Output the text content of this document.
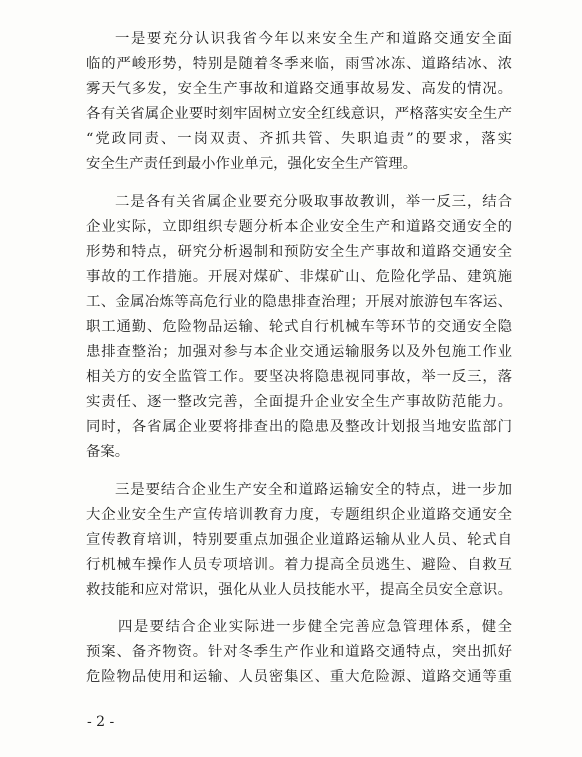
一是要充分认识我省今年以来安全生产和道路交通安全面
临的严峻形势，特别是随着冬季来临，雨雪冰冻、道路结冰、浓
雾天气多发，安全生产事故和道路交通事故易发、高发的情况。
各有关省属企业要时刻牢固树立安全红线意识，严格落实安全生产
“党政同责、一岗双责、齐抓共管、失职追责”的要求，落实
安全生产责任到最小作业单元，强化安全生产管理。
二是各有关省属企业要充分吸取事故教训，举一反三，结合
企业实际，立即组织专题分析本企业安全生产和道路交通安全的
形势和特点，研究分析遏制和预防安全生产事故和道路交通安全
事故的工作措施。开展对煤矿、非煤矿山、危险化学品、建筑施
工、金属冶炼等高危行业的隐患排查治理；开展对旅游包车客运、
职工通勤、危险物品运输、轮式自行机械车等环节的交通安全隐
患排查整治；加强对参与本企业交通运输服务以及外包施工作业
相关方的安全监管工作。要坚决将隐患视同事故，举一反三，落
实责任、逐一整改完善，全面提升企业安全生产事故防范能力。
同时，各省属企业要将排查出的隐患及整改计划报当地安监部门
备案。
三是要结合企业生产安全和道路运输安全的特点，进一步加
大企业安全生产宣传培训教育力度，专题组织企业道路交通安全
宣传教育培训，特别要重点加强企业道路运输从业人员、轮式自
行机械车操作人员专项培训。着力提高全员逃生、避险、自救互
救技能和应对常识，强化从业人员技能水平，提高全员安全意识。
四是要结合企业实际进一步健全完善应急管理体系，健全
预案、备齐物资。针对冬季生产作业和道路交通特点，突出抓好
危险物品使用和运输、人员密集区、重大危险源、道路交通等重
- 2 -
